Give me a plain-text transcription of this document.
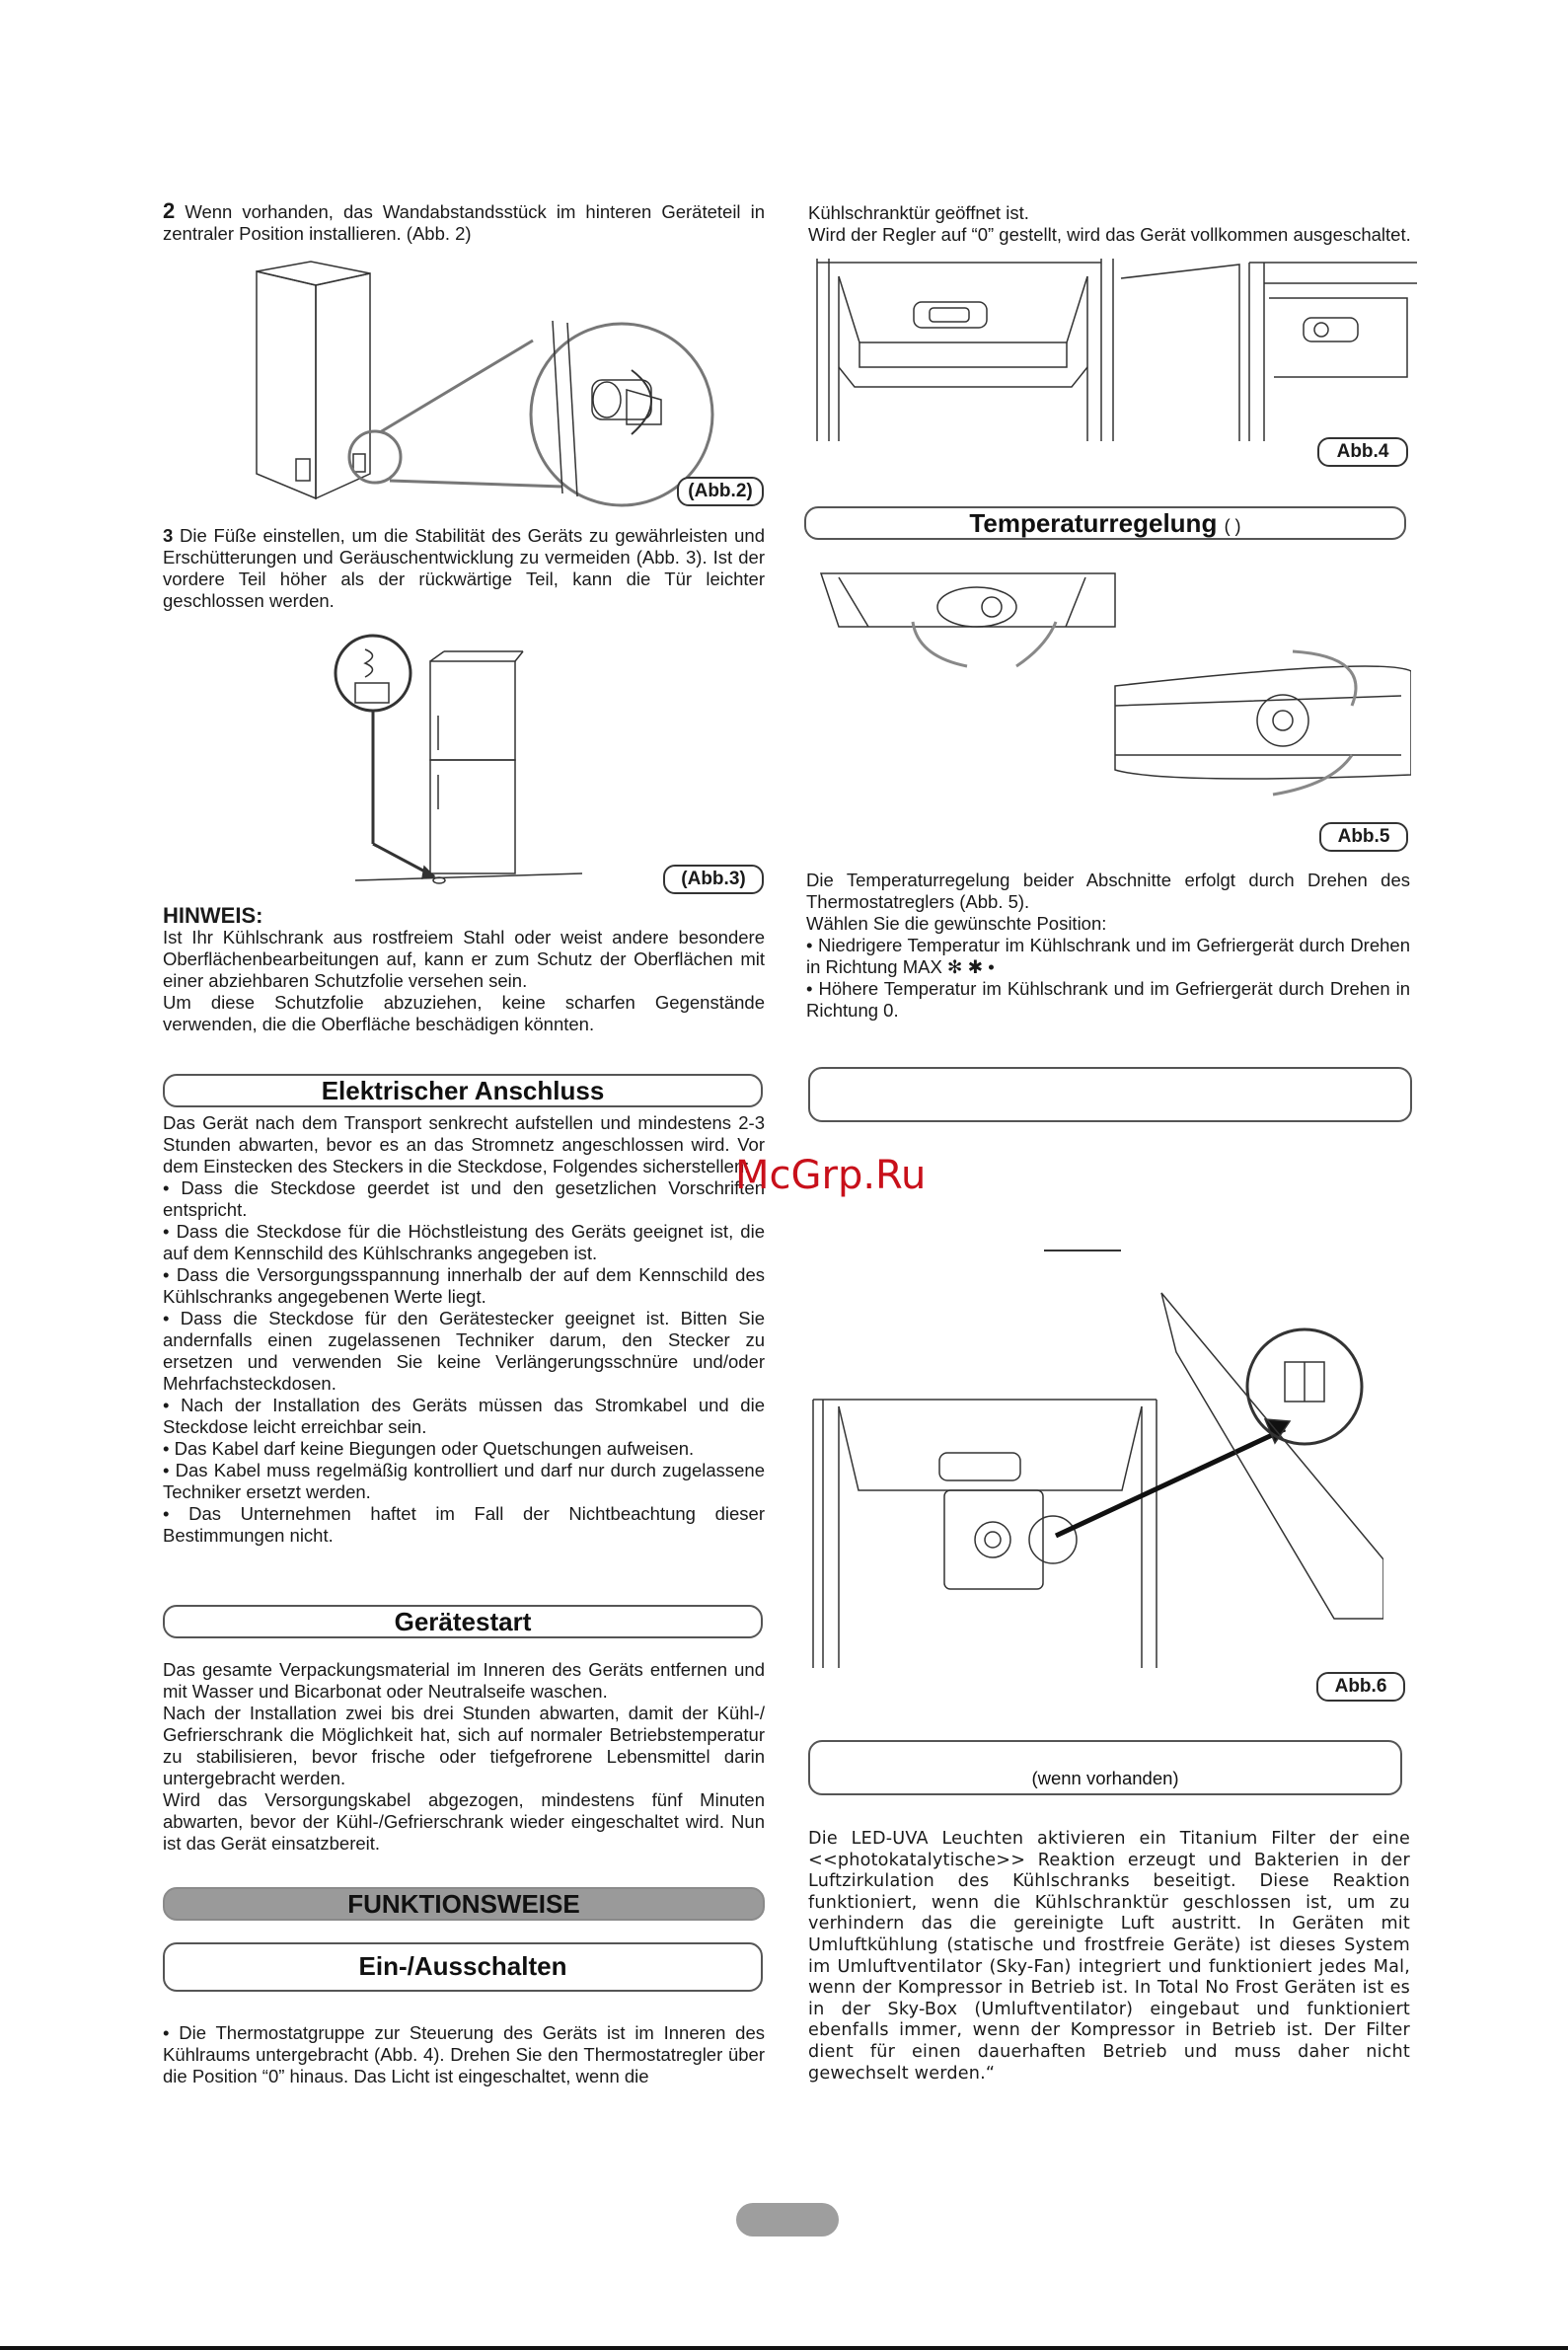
2 Wenn vorhanden, das Wandabstandsstück im hinteren Geräteteil in zentraler Position installieren. (Abb. 2)
(Abb.2)
3 Die Füße einstellen, um die Stabilität des Geräts zu gewährleisten und Erschütterungen und Geräuschentwicklung zu vermeiden (Abb. 3). Ist der vordere Teil höher als der rückwärtige Teil, kann die Tür leichter geschlossen werden.
(Abb.3)
HINWEIS:

Ist Ihr Kühlschrank aus rostfreiem Stahl oder weist andere besondere Oberflächenbearbeitungen auf, kann er zum Schutz der Oberflächen mit einer abziehbaren Schutzfolie versehen sein.

Um diese Schutzfolie abzuziehen, keine scharfen Gegenstände verwenden, die die Oberfläche beschädigen könnten.

Elektrischer Anschluss

Das Gerät nach dem Transport senkrecht aufstellen und mindestens 2-3 Stunden abwarten, bevor es an das Stromnetz angeschlossen wird. Vor dem Einstecken des Steckers in die Steckdose, Folgendes sicherstellen:

• Dass die Steckdose geerdet ist und den gesetzlichen Vorschriften entspricht.

• Dass die Steckdose für die Höchstleistung des Geräts geeignet ist, die auf dem Kennschild des Kühlschranks angegeben ist.

• Dass die Versorgungsspannung innerhalb der auf dem Kennschild des Kühlschranks angegebenen Werte liegt.

• Dass die Steckdose für den Gerätestecker geeignet ist. Bitten Sie andernfalls einen zugelassenen Techniker darum, den Stecker zu ersetzen und verwenden Sie keine Verlängerungsschnüre und/oder Mehrfachsteckdosen.

• Nach der Installation des Geräts müssen das Stromkabel und die Steckdose leicht erreichbar sein.

• Das Kabel darf keine Biegungen oder Quetschungen aufweisen.

• Das Kabel muss regelmäßig kontrolliert und darf nur durch zugelassene Techniker ersetzt werden.

• Das Unternehmen haftet im Fall der Nichtbeachtung dieser Bestimmungen nicht.

Gerätestart

Das gesamte Verpackungsmaterial im Inneren des Geräts entfernen und mit Wasser und Bicarbonat oder Neutralseife waschen.

Nach der Installation zwei bis drei Stunden abwarten, damit der Kühl-/ Gefrierschrank die Möglichkeit hat, sich auf normaler Betriebstemperatur zu stabilisieren, bevor frische oder tiefgefrorene Lebensmittel darin untergebracht werden.

Wird das Versorgungskabel abgezogen, mindestens fünf Minuten abwarten, bevor der Kühl-/Gefrierschrank wieder eingeschaltet wird. Nun ist das Gerät einsatzbereit.

FUNKTIONSWEISE
Ein-/Ausschalten

• Die Thermostatgruppe zur Steuerung des Geräts ist im Inneren des Kühlraums untergebracht (Abb. 4). Drehen Sie den Thermostatregler über die Position “0” hinaus. Das Licht ist eingeschaltet, wenn die

Kühlschranktür geöffnet ist.

Wird der Regler auf “0” gestellt, wird das Gerät vollkommen ausgeschaltet.

Abb.4
Temperaturregelung ( )
Abb.5

Die Temperaturregelung beider Abschnitte erfolgt durch Drehen des Thermostatreglers (Abb. 5).

Wählen Sie die gewünschte Position:

• Niedrigere Temperatur im Kühlschrank und im Gefriergerät durch Drehen in Richtung MAX ✻ ✱ •

• Höhere Temperatur im Kühlschrank und im Gefriergerät durch Drehen in Richtung 0.

Abb.6
(wenn vorhanden)

Die LED-UVA Leuchten aktivieren ein Titanium Filter der eine <<photokatalytische>> Reaktion erzeugt und Bakterien in der Luftzirkulation des Kühlschranks beseitigt. Diese Reaktion funktioniert, wenn die Kühlschranktür geschlossen ist, um zu verhindern das die gereinigte Luft austritt. In Geräten mit Umluftkühlung (statische und frostfreie Geräte) ist dieses System im Umluftventilator (Sky-Fan) integriert und funktioniert jedes Mal, wenn der Kompressor in Betrieb ist. In Total No Frost Geräten ist es in der Sky-Box (Umluftventilator) eingebaut und funktioniert ebenfalls immer, wenn der Kompressor in Betrieb ist. Der Filter dient für einen dauerhaften Betrieb und muss daher nicht gewechselt werden.“

McGrp.Ru
